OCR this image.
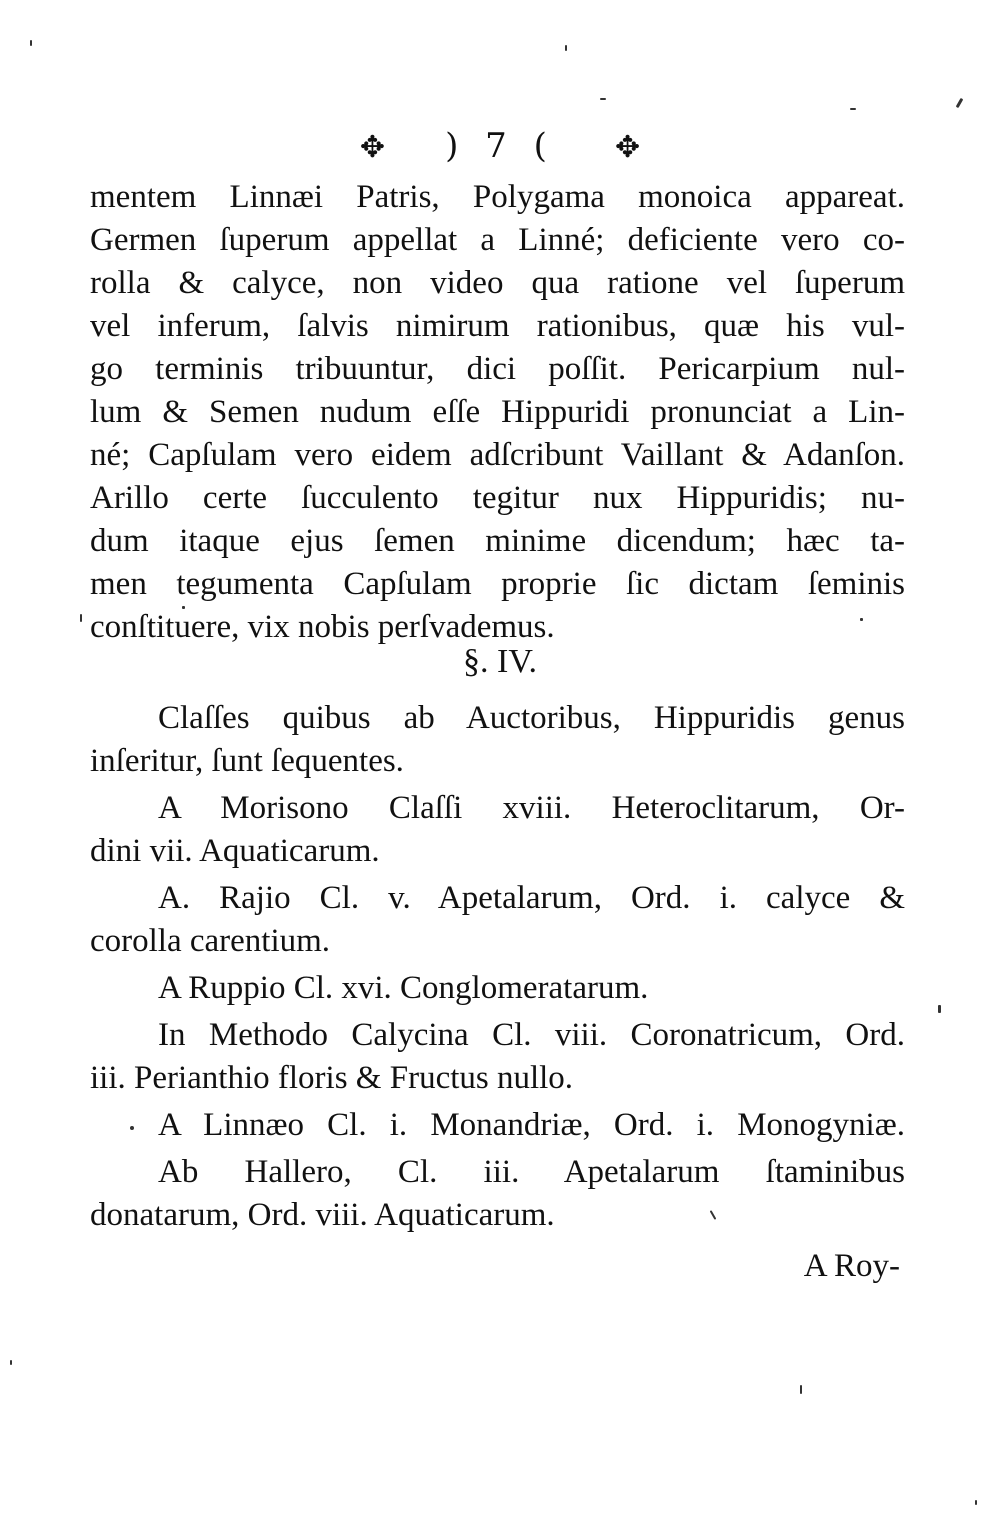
✥ ) 7 ( ✥
mentem Linnæi Patris, Polygama monoica appareat.
Germen ſuperum appellat a Linné; deficiente vero co-
rolla & calyce, non video qua ratione vel ſuperum
vel inferum, ſalvis nimirum rationibus, quæ his vul-
go terminis tribuuntur, dici poſſit. Pericarpium nul-
lum & Semen nudum eſſe Hippuridi pronunciat a Lin-
né; Capſulam vero eidem adſcribunt Vaillant & Adanſon.
Arillo certe ſucculento tegitur nux Hippuridis; nu-
dum itaque ejus ſemen minime dicendum; hæc ta-
men tegumenta Capſulam proprie ſic dictam ſeminis
conſtituere, vix nobis perſvademus.
§. IV.
Claſſes quibus ab Auctoribus, Hippuridis genus
inſeritur, ſunt ſequentes.
A Morisono Claſſi xviii. Heteroclitarum, Or-
dini vii. Aquaticarum.
A. Rajio Cl. v. Apetalarum, Ord. i. calyce &
corolla carentium.
A Ruppio Cl. xvi. Conglomeratarum.
In Methodo Calycina Cl. viii. Coronatricum, Ord.
iii. Perianthio floris & Fructus nullo.
A Linnæo Cl. i. Monandriæ, Ord. i. Monogyniæ.
Ab Hallero, Cl. iii. Apetalarum ſtaminibus
donatarum, Ord. viii. Aquaticarum.
A Roy-
